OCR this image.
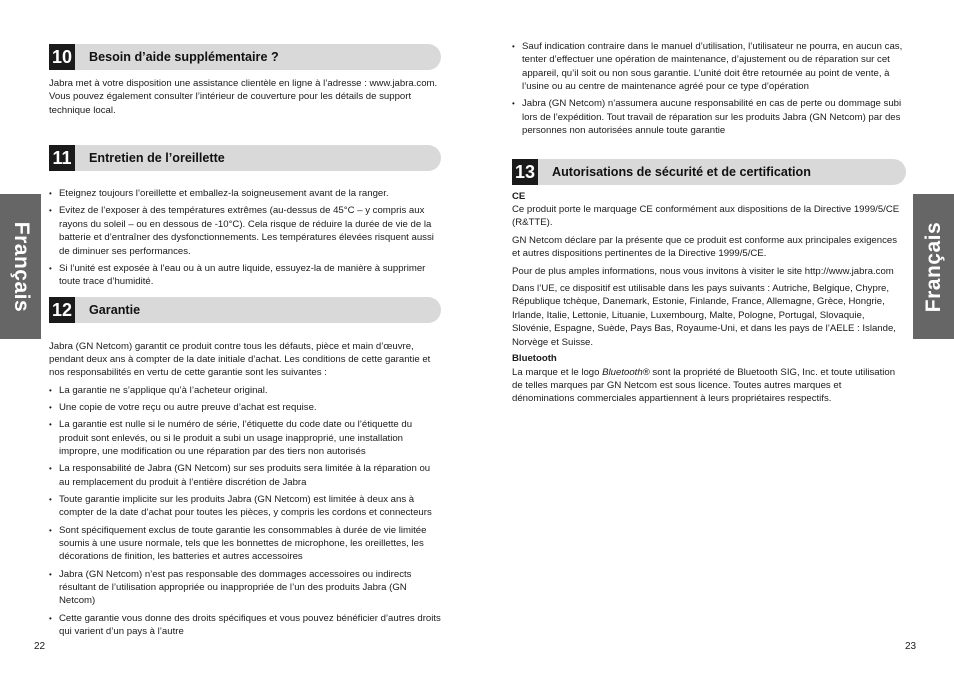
Français	Français
10 Besoin d’aide supplémentaire ?

Jabra met à votre disposition une assistance clientèle en ligne à l’adresse : www.jabra.com. Vous pouvez également consulter l’intérieur de couverture pour les détails de support technique local.

11 Entretien de l’oreillette
• Eteignez toujours l’oreillette et emballez-la soigneusement avant de la ranger.
• Evitez de l’exposer à des températures extrêmes (au-dessus de 45°C – y compris aux rayons du soleil – ou en dessous de -10°C). Cela risque de réduire la durée de vie de la batterie et d’entraîner des dysfonctionnements. Les températures élevées risquent aussi de diminuer ses performances.
• Si l’unité est exposée à l’eau ou à un autre liquide, essuyez-la de manière à supprimer toute trace d’humidité.
12 Garantie

Jabra (GN Netcom) garantit ce produit contre tous les défauts, pièce et main d’œuvre, pendant deux ans à compter de la date initiale d’achat. Les conditions de cette garantie et nos responsabilités en vertu de cette garantie sont les suivantes :

• La garantie ne s’applique qu’à l’acheteur original.
• Une copie de votre reçu ou autre preuve d’achat est requise.
• La garantie est nulle si le numéro de série, l’étiquette du code date ou l’étiquette du produit sont enlevés, ou si le produit a subi un usage inapproprié, une installation impropre, une modification ou une réparation par des tiers non autorisés
• La responsabilité de Jabra (GN Netcom) sur ses produits sera limitée à la réparation ou au remplacement du produit à l’entière discrétion de Jabra
• Toute garantie implicite sur les produits Jabra (GN Netcom) est limitée à deux ans à compter de la date d’achat pour toutes les pièces, y compris les cordons et connecteurs
• Sont spécifiquement exclus de toute garantie les consommables à durée de vie limitée soumis à une usure normale, tels que les bonnettes de microphone, les oreillettes, les décorations de finition, les batteries et autres accessoires
• Jabra (GN Netcom) n’est pas responsable des dommages accessoires ou indirects résultant de l’utilisation appropriée ou inappropriée de l’un des produits Jabra (GN Netcom)
• Cette garantie vous donne des droits spécifiques et vous pouvez bénéficier d’autres droits qui varient d’un pays à l’autre
• Sauf indication contraire dans le manuel d’utilisation, l’utilisateur ne pourra, en aucun cas, tenter d’effectuer une opération de maintenance, d’ajustement ou de réparation sur cet appareil, qu’il soit ou non sous garantie. L’unité doit être retournée au point de vente, à l’usine ou au centre de maintenance agréé pour ce type d’opération
• Jabra (GN Netcom) n’assumera aucune responsabilité en cas de perte ou dommage subi lors de l’expédition. Tout travail de réparation sur les produits Jabra (GN Netcom) par des personnes non autorisées annule toute garantie
13 Autorisations de sécurité et de certification

CE

Ce produit porte le marquage CE conformément aux dispositions de la Directive 1999/5/CE (R&TTE).

GN Netcom déclare par la présente que ce produit est conforme aux principales exigences et autres dispositions pertinentes de la Directive 1999/5/CE.

Pour de plus amples informations, nous vous invitons à visiter le site http://www.jabra.com

Dans l’UE, ce dispositif est utilisable dans les pays suivants : Autriche, Belgique, Chypre, République tchèque, Danemark, Estonie, Finlande, France, Allemagne, Grèce, Hongrie, Irlande, Italie, Lettonie, Lituanie, Luxembourg, Malte, Pologne, Portugal, Slovaquie, Slovénie, Espagne, Suède, Pays Bas, Royaume-Uni, et dans les pays de l’AELE : Islande, Norvège et Suisse.

Bluetooth

La marque et le logo Bluetooth® sont la propriété de Bluetooth SIG, Inc. et toute utilisation de telles marques par GN Netcom est sous licence. Toutes autres marques et dénominations commerciales appartiennent à leurs propriétaires respectifs.

22	23
